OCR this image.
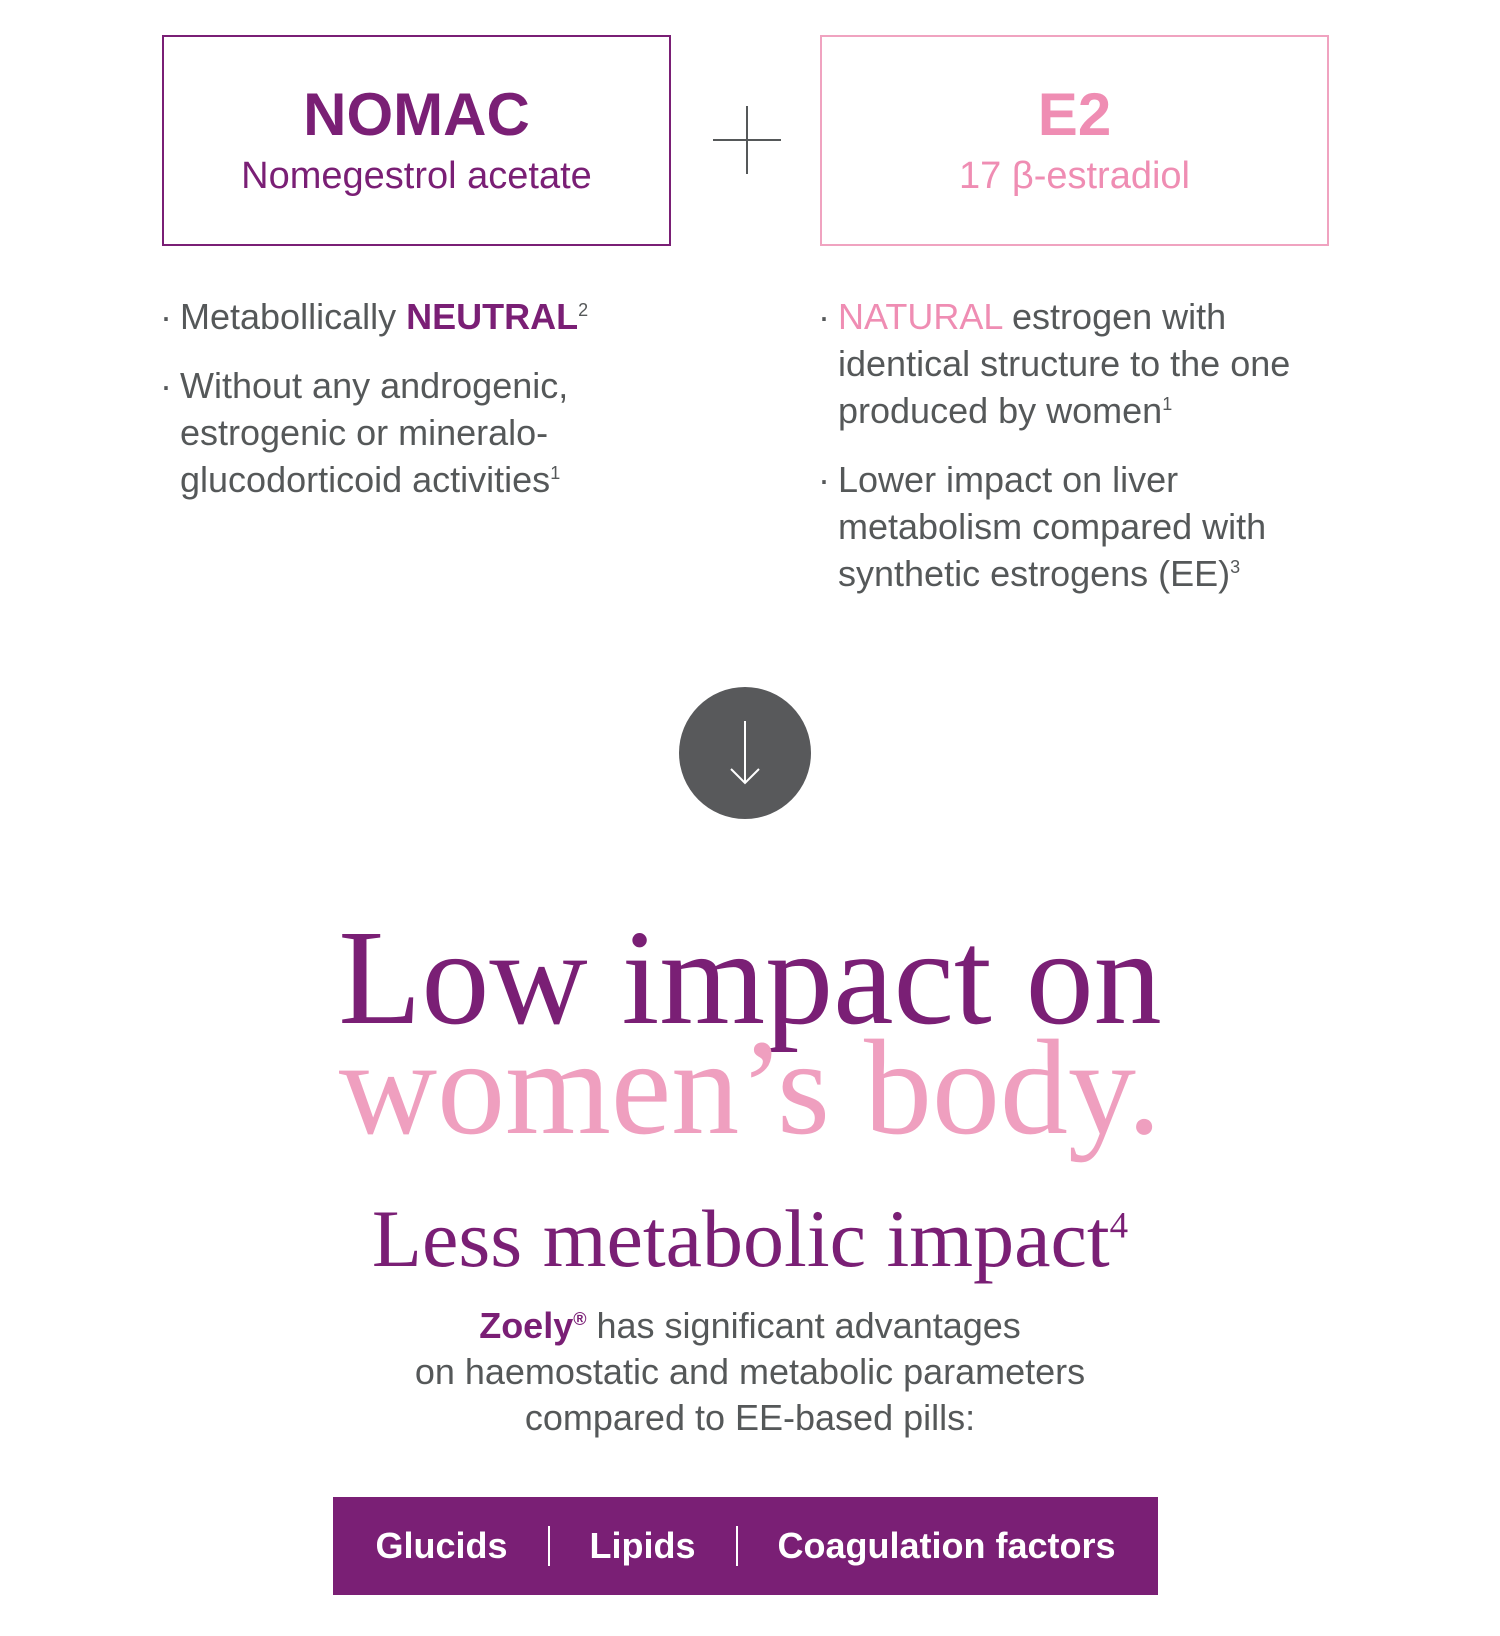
NOMAC
Nomegestrol acetate
E2
17 β-estradiol
· Metabollically $NEUTRAL^2$
· Without any androgenic, estrogenic or mineralo-glucodorticoid activities$^1$
· NATURAL estrogen with identical structure to the one produced by women$^1$
· Lower impact on liver metabolism compared with synthetic estrogens (EE)$^3$
Low impact on
women’s body.
Less metabolic impact$^4$
Zoely® has significant advantages
on haemostatic and metabolic parameters
compared to EE-based pills:
Glucids Lipids Coagulation factors
